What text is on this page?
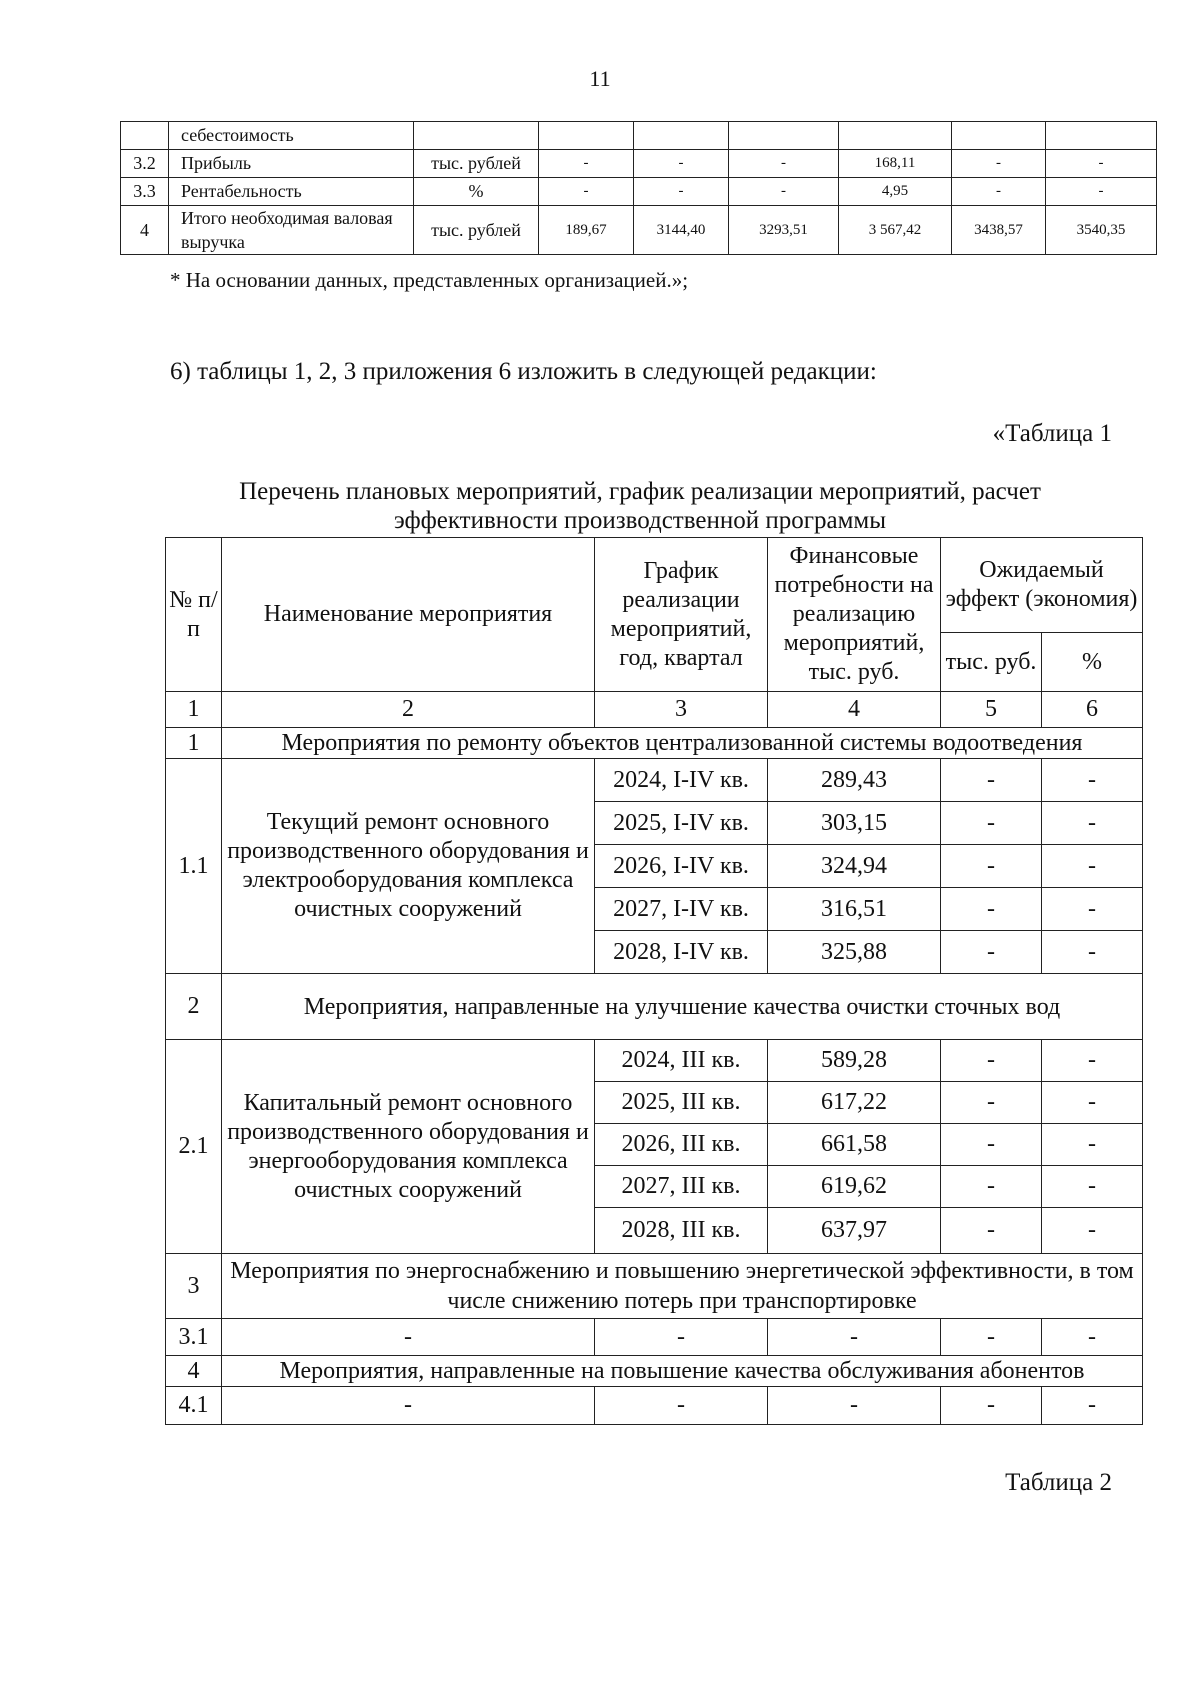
11
	себестоимость							
3.2	Прибыль	тыс. рублей	-	-	-	168,11	-	-
3.3	Рентабельность	%	-	-	-	4,95	-	-
4	Итого необходимая валовая выручка	тыс. рублей	189,67	3144,40	3293,51	3 567,42	3438,57	3540,35
* На основании данных, представленных организацией.»;
6) таблицы 1, 2, 3 приложения 6 изложить в следующей редакции:
«Таблица 1
Перечень плановых мероприятий, график реализации мероприятий, расчет эффективности производственной программы
№ п/ п	Наименование мероприятия	График реализации мероприятий, год, квартал	Финансовые потребности на реализацию мероприятий, тыс. руб.	Ожидаемый эффект (экономия)	
				тыс. руб.	%
1	2	3	4	5	6
1	Мероприятия по ремонту объектов централизованной системы водоотведения				
1.1	Текущий ремонт основного производственного оборудования и электрооборудования комплекса очистных сооружений	2024, I-IV кв.	289,43	-	-
		2025, I-IV кв.	303,15	-	-
		2026, I-IV кв.	324,94	-	-
		2027, I-IV кв.	316,51	-	-
		2028, I-IV кв.	325,88	-	-
2	Мероприятия, направленные на улучшение качества очистки сточных вод				
2.1	Капитальный ремонт основного производственного оборудования и энергооборудования комплекса очистных сооружений	2024, III кв.	589,28	-	-
		2025, III кв.	617,22	-	-
		2026, III кв.	661,58	-	-
		2027, III кв.	619,62	-	-
		2028, III кв.	637,97	-	-
3	Мероприятия по энергоснабжению и повышению энергетической эффективности, в том числе снижению потерь при транспортировке				
3.1	-	-	-	-	-
4	Мероприятия, направленные на повышение качества обслуживания абонентов				
4.1	-	-	-	-	-
Таблица 2
